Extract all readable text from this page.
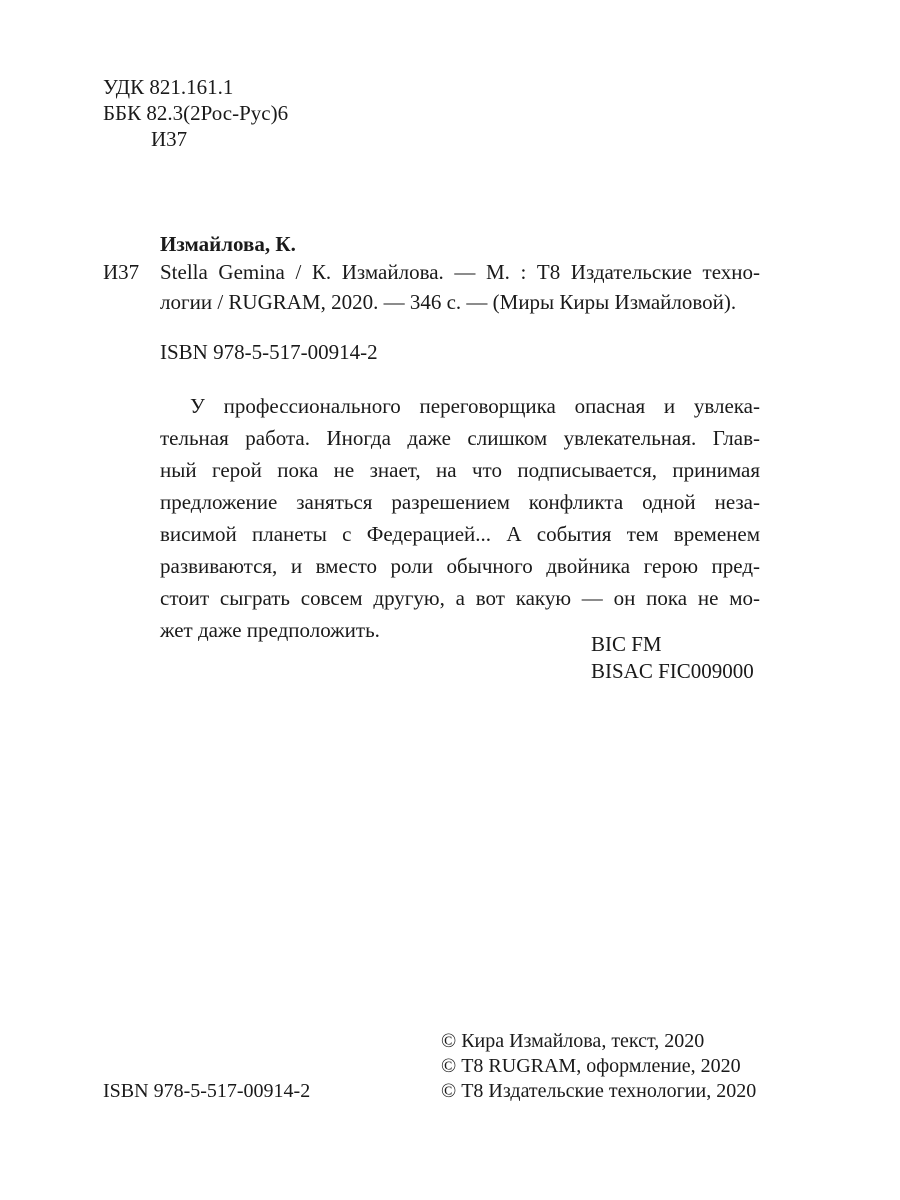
УДК 821.161.1
ББК 82.3(2Рос-Рус)6
И37
Измайлова, К.
И37 Stella Gemina / К. Измайлова. — М. : Т8 Издательские техно-
логии / RUGRAM, 2020. — 346 с. — (Миры Киры Измайловой).
ISBN 978-5-517-00914-2
У профессионального переговорщика опасная и увлека-
тельная работа. Иногда даже слишком увлекательная. Глав-
ный герой пока не знает, на что подписывается, принимая
предложение заняться разрешением конфликта одной неза-
висимой планеты с Федерацией... А события тем временем
развиваются, и вместо роли обычного двойника герою пред-
стоит сыграть совсем другую, а вот какую — он пока не мо-
жет даже предположить.
BIC FM
BISAC FIC009000
© Кира Измайлова, текст, 2020
© Т8 RUGRAM, оформление, 2020
© Т8 Издательские технологии, 2020
ISBN 978-5-517-00914-2
